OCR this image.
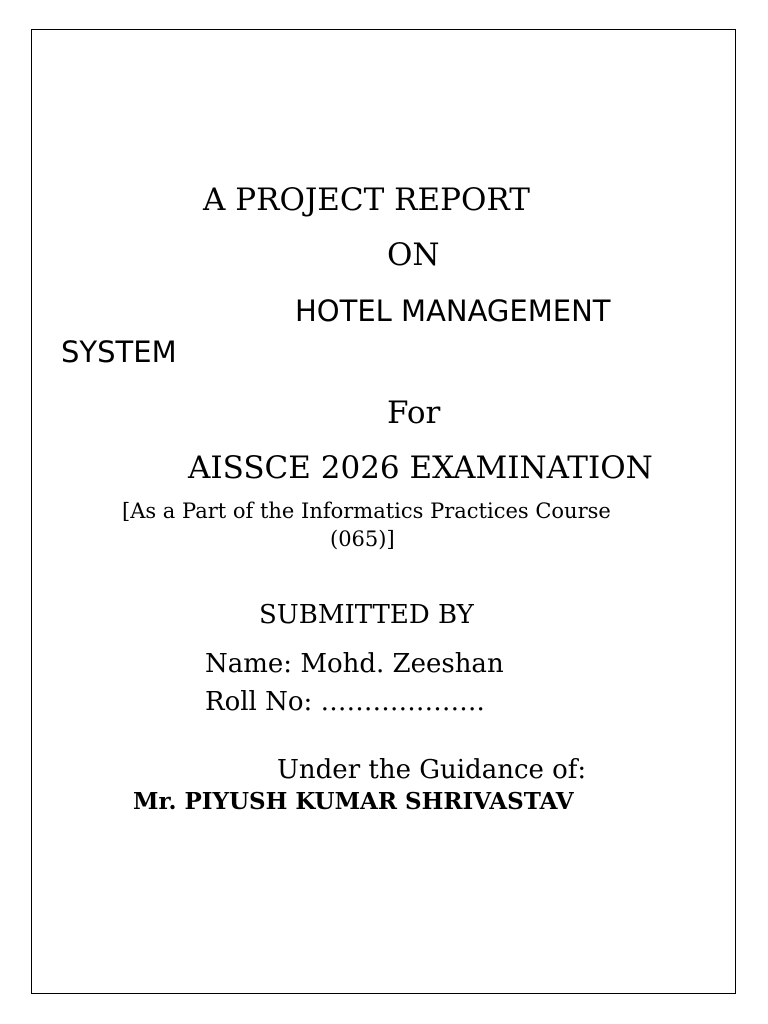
A PROJECT REPORT
ON
HOTEL MANAGEMENT
SYSTEM
For
AISSCE 2026 EXAMINATION
[As a Part of the Informatics Practices Course
(065)]
SUBMITTED BY
Name: Mohd. Zeeshan
Roll No: ……………….
Under the Guidance of:
Mr. PIYUSH KUMAR SHRIVASTAV
